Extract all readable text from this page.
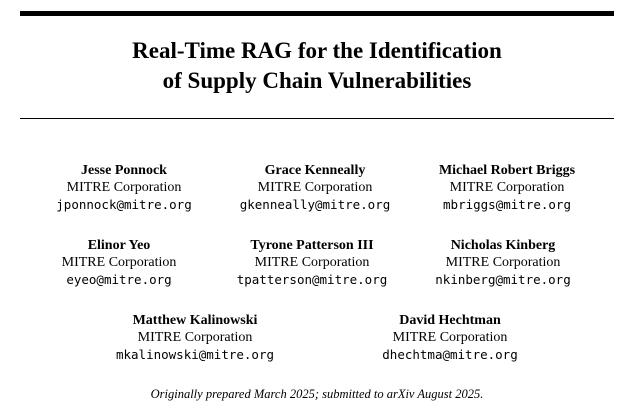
Real-Time RAG for the Identification
of Supply Chain Vulnerabilities
Jesse Ponnock
MITRE Corporation
jponnock@mitre.org
Grace Kenneally
MITRE Corporation
gkenneally@mitre.org
Michael Robert Briggs
MITRE Corporation
mbriggs@mitre.org
Elinor Yeo
MITRE Corporation
eyeo@mitre.org
Tyrone Patterson III
MITRE Corporation
tpatterson@mitre.org
Nicholas Kinberg
MITRE Corporation
nkinberg@mitre.org
Matthew Kalinowski
MITRE Corporation
mkalinowski@mitre.org
David Hechtman
MITRE Corporation
dhechtma@mitre.org
Originally prepared March 2025; submitted to arXiv August 2025.
